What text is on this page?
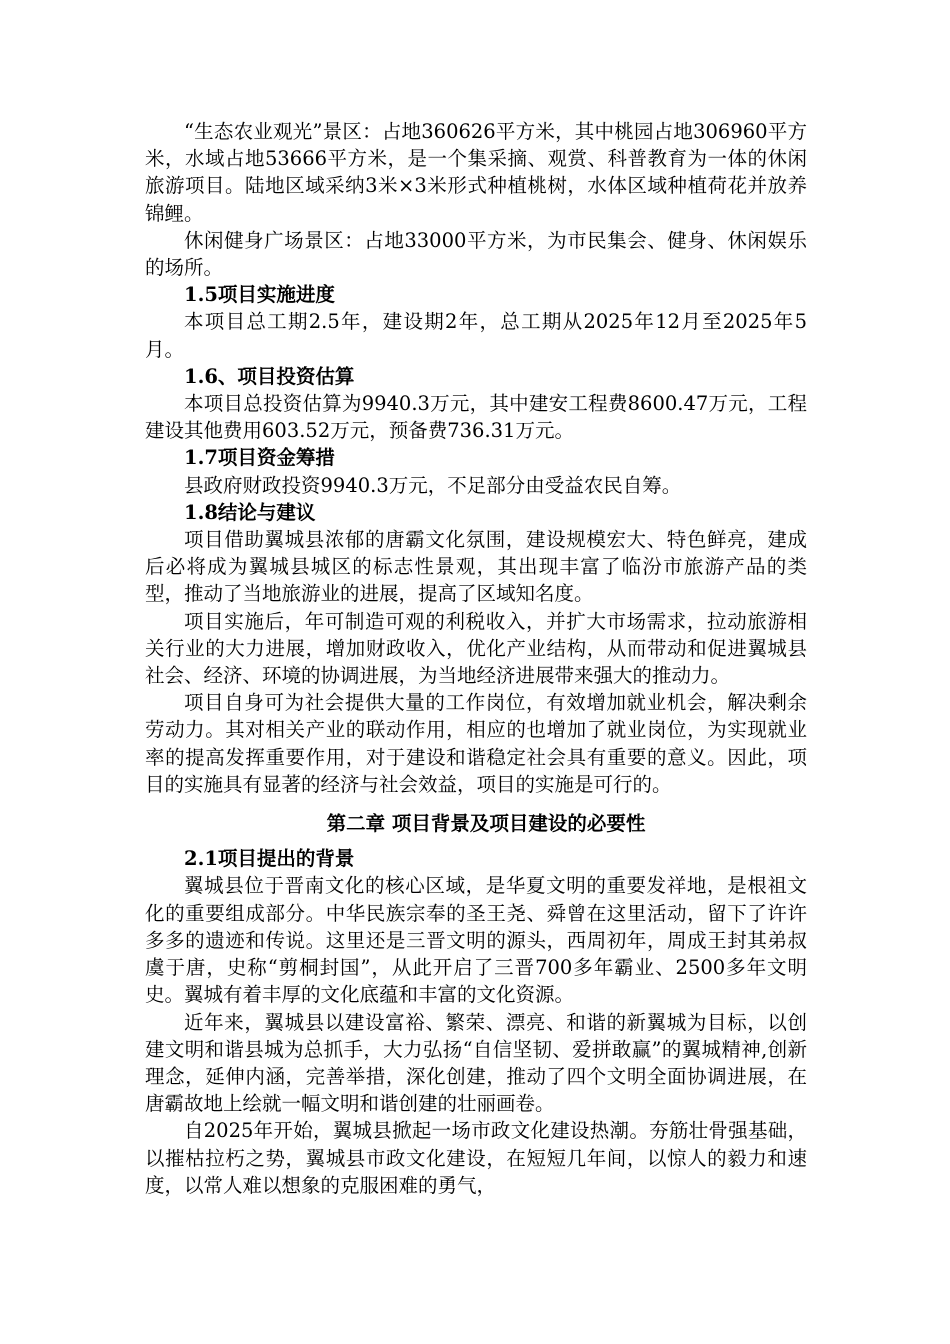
“生态农业观光”景区：占地360626平方米，其中桃园占地306960平方米，水域占地53666平方米，是一个集采摘、观赏、科普教育为一体的休闲旅游项目。陆地区域采纳3米×3米形式种植桃树，水体区域种植荷花并放养锦鲤。

休闲健身广场景区：占地33000平方米，为市民集会、健身、休闲娱乐的场所。

1.5项目实施进度

本项目总工期2.5年，建设期2年，总工期从2025年12月至2025年5月。

1.6、项目投资估算

本项目总投资估算为9940.3万元，其中建安工程费8600.47万元，工程建设其他费用603.52万元，预备费736.31万元。

1.7项目资金筹措

县政府财政投资9940.3万元，不足部分由受益农民自筹。

1.8结论与建议

项目借助翼城县浓郁的唐霸文化氛围，建设规模宏大、特色鲜亮，建成后必将成为翼城县城区的标志性景观，其出现丰富了临汾市旅游产品的类型，推动了当地旅游业的进展，提高了区域知名度。

项目实施后，年可制造可观的利税收入，并扩大市场需求，拉动旅游相关行业的大力进展，增加财政收入，优化产业结构，从而带动和促进翼城县社会、经济、环境的协调进展，为当地经济进展带来强大的推动力。

项目自身可为社会提供大量的工作岗位，有效增加就业机会，解决剩余劳动力。其对相关产业的联动作用，相应的也增加了就业岗位，为实现就业率的提高发挥重要作用，对于建设和谐稳定社会具有重要的意义。因此，项目的实施具有显著的经济与社会效益，项目的实施是可行的。

第二章 项目背景及项目建设的必要性
2.1项目提出的背景

翼城县位于晋南文化的核心区域，是华夏文明的重要发祥地，是根祖文化的重要组成部分。中华民族宗奉的圣王尧、舜曾在这里活动，留下了许许多多的遗迹和传说。这里还是三晋文明的源头，西周初年，周成王封其弟叔虞于唐，史称“剪桐封国”，从此开启了三晋700多年霸业、2500多年文明史。翼城有着丰厚的文化底蕴和丰富的文化资源。

近年来，翼城县以建设富裕、繁荣、漂亮、和谐的新翼城为目标，以创建文明和谐县城为总抓手，大力弘扬“自信坚韧、爱拼敢赢”的翼城精神,创新理念，延伸内涵，完善举措，深化创建，推动了四个文明全面协调进展，在唐霸故地上绘就一幅文明和谐创建的壮丽画卷。

自2025年开始，翼城县掀起一场市政文化建设热潮。夯筋壮骨强基础，以摧枯拉朽之势，翼城县市政文化建设，在短短几年间，以惊人的毅力和速度，以常人难以想象的克服困难的勇气，
